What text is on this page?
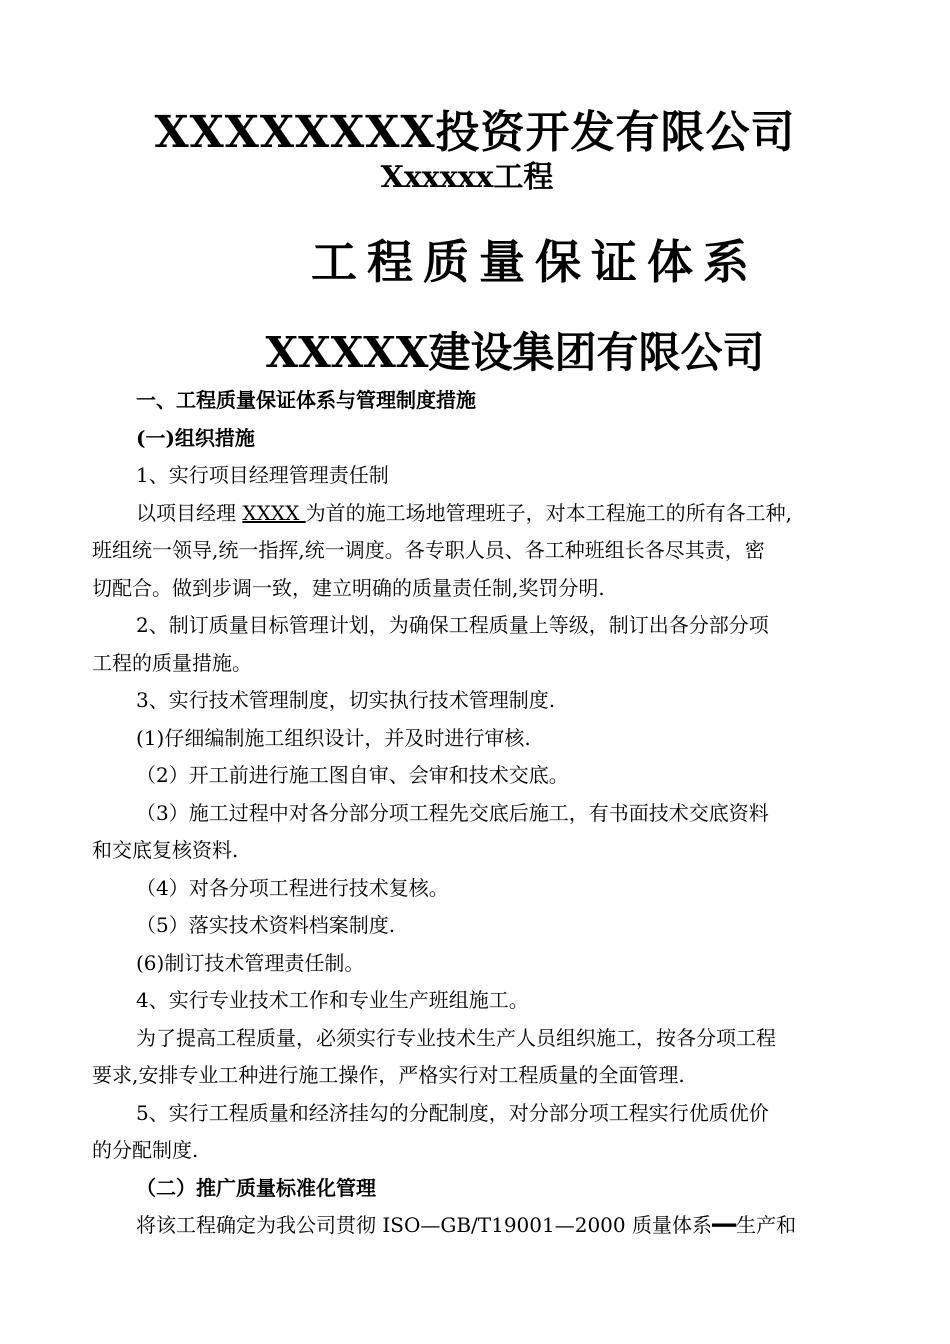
XXXXXXXX投资开发有限公司
Xxxxxx工程
工程质量保证体系
XXXXX建设集团有限公司
一、工程质量保证体系与管理制度措施
(一)组织措施
1、实行项目经理管理责任制
以项目经理 XXXX 为首的施工场地管理班子，对本工程施工的所有各工种,
班组统一领导,统一指挥,统一调度。各专职人员、各工种班组长各尽其责，密
切配合。做到步调一致，建立明确的质量责任制,奖罚分明.
2、制订质量目标管理计划，为确保工程质量上等级，制订出各分部分项
工程的质量措施。
3、实行技术管理制度，切实执行技术管理制度.
(1)仔细编制施工组织设计，并及时进行审核.
（2）开工前进行施工图自审、会审和技术交底。
（3）施工过程中对各分部分项工程先交底后施工，有书面技术交底资料
和交底复核资料.
（4）对各分项工程进行技术复核。
（5）落实技术资料档案制度.
(6)制订技术管理责任制。
4、实行专业技术工作和专业生产班组施工。
为了提高工程质量，必须实行专业技术生产人员组织施工，按各分项工程
要求,安排专业工种进行施工操作，严格实行对工程质量的全面管理.
5、实行工程质量和经济挂勾的分配制度，对分部分项工程实行优质优价
的分配制度.
（二）推广质量标准化管理
将该工程确定为我公司贯彻 ISO—GB/T19001—2000 质量体系━━生产和
